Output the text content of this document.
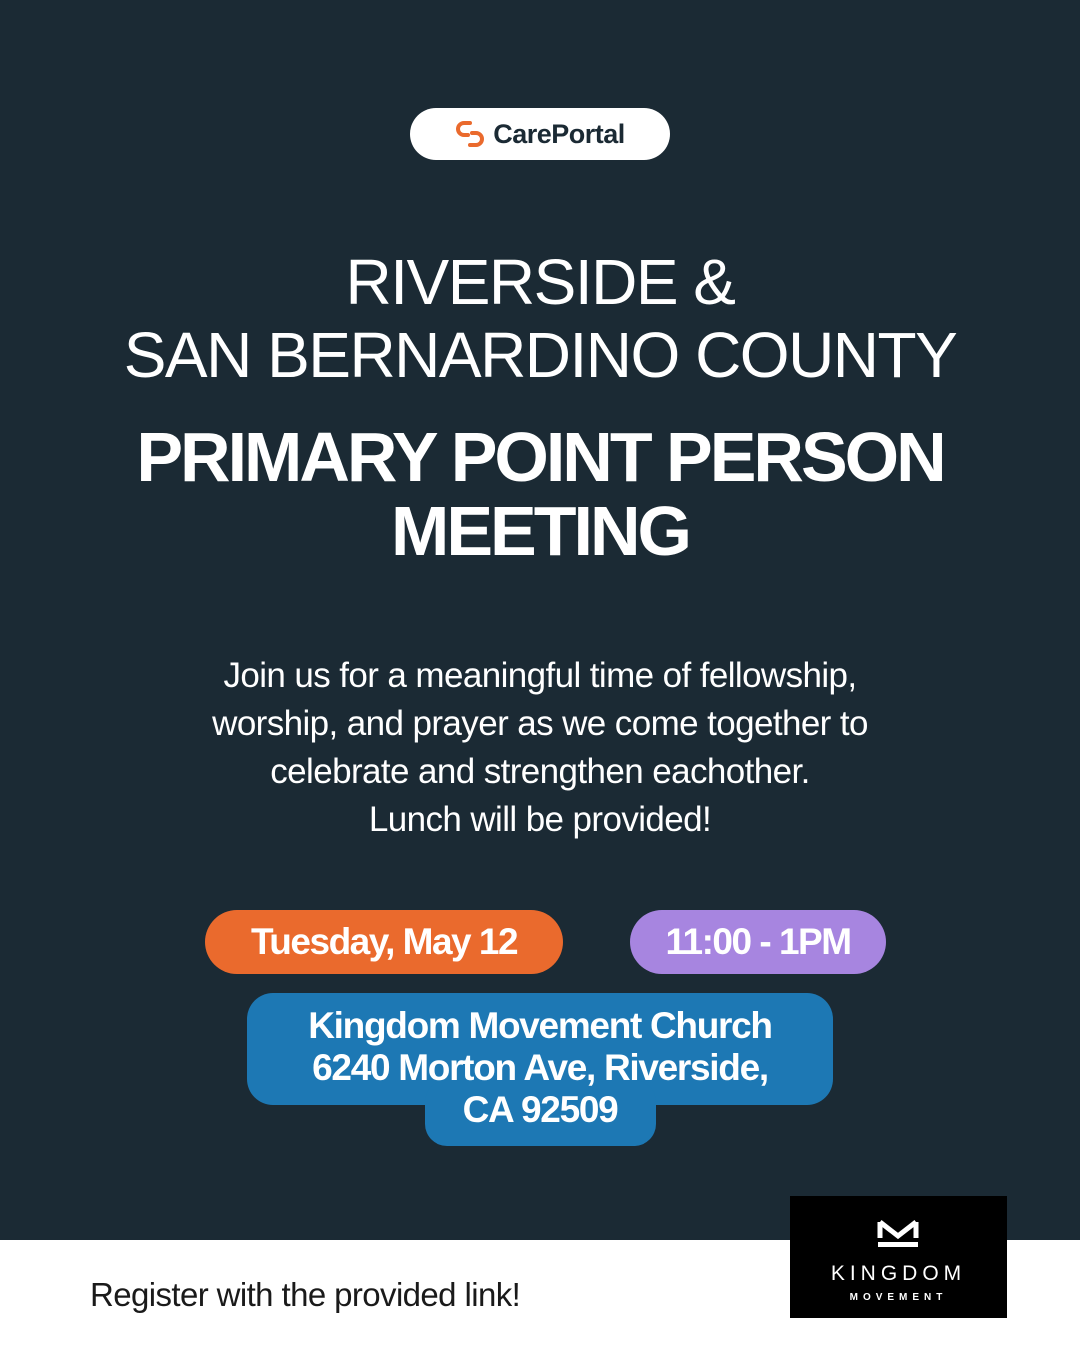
CarePortal
RIVERSIDE &
SAN BERNARDINO COUNTY
PRIMARY POINT PERSON
MEETING
Join us for a meaningful time of fellowship,
worship, and prayer as we come together to
celebrate and strengthen eachother.
Lunch will be provided!
Tuesday, May 12	11:00 - 1PM
Kingdom Movement Church
6240 Morton Ave, Riverside,
CA 92509
Register with the provided link!
KINGDOM
MOVEMENT
